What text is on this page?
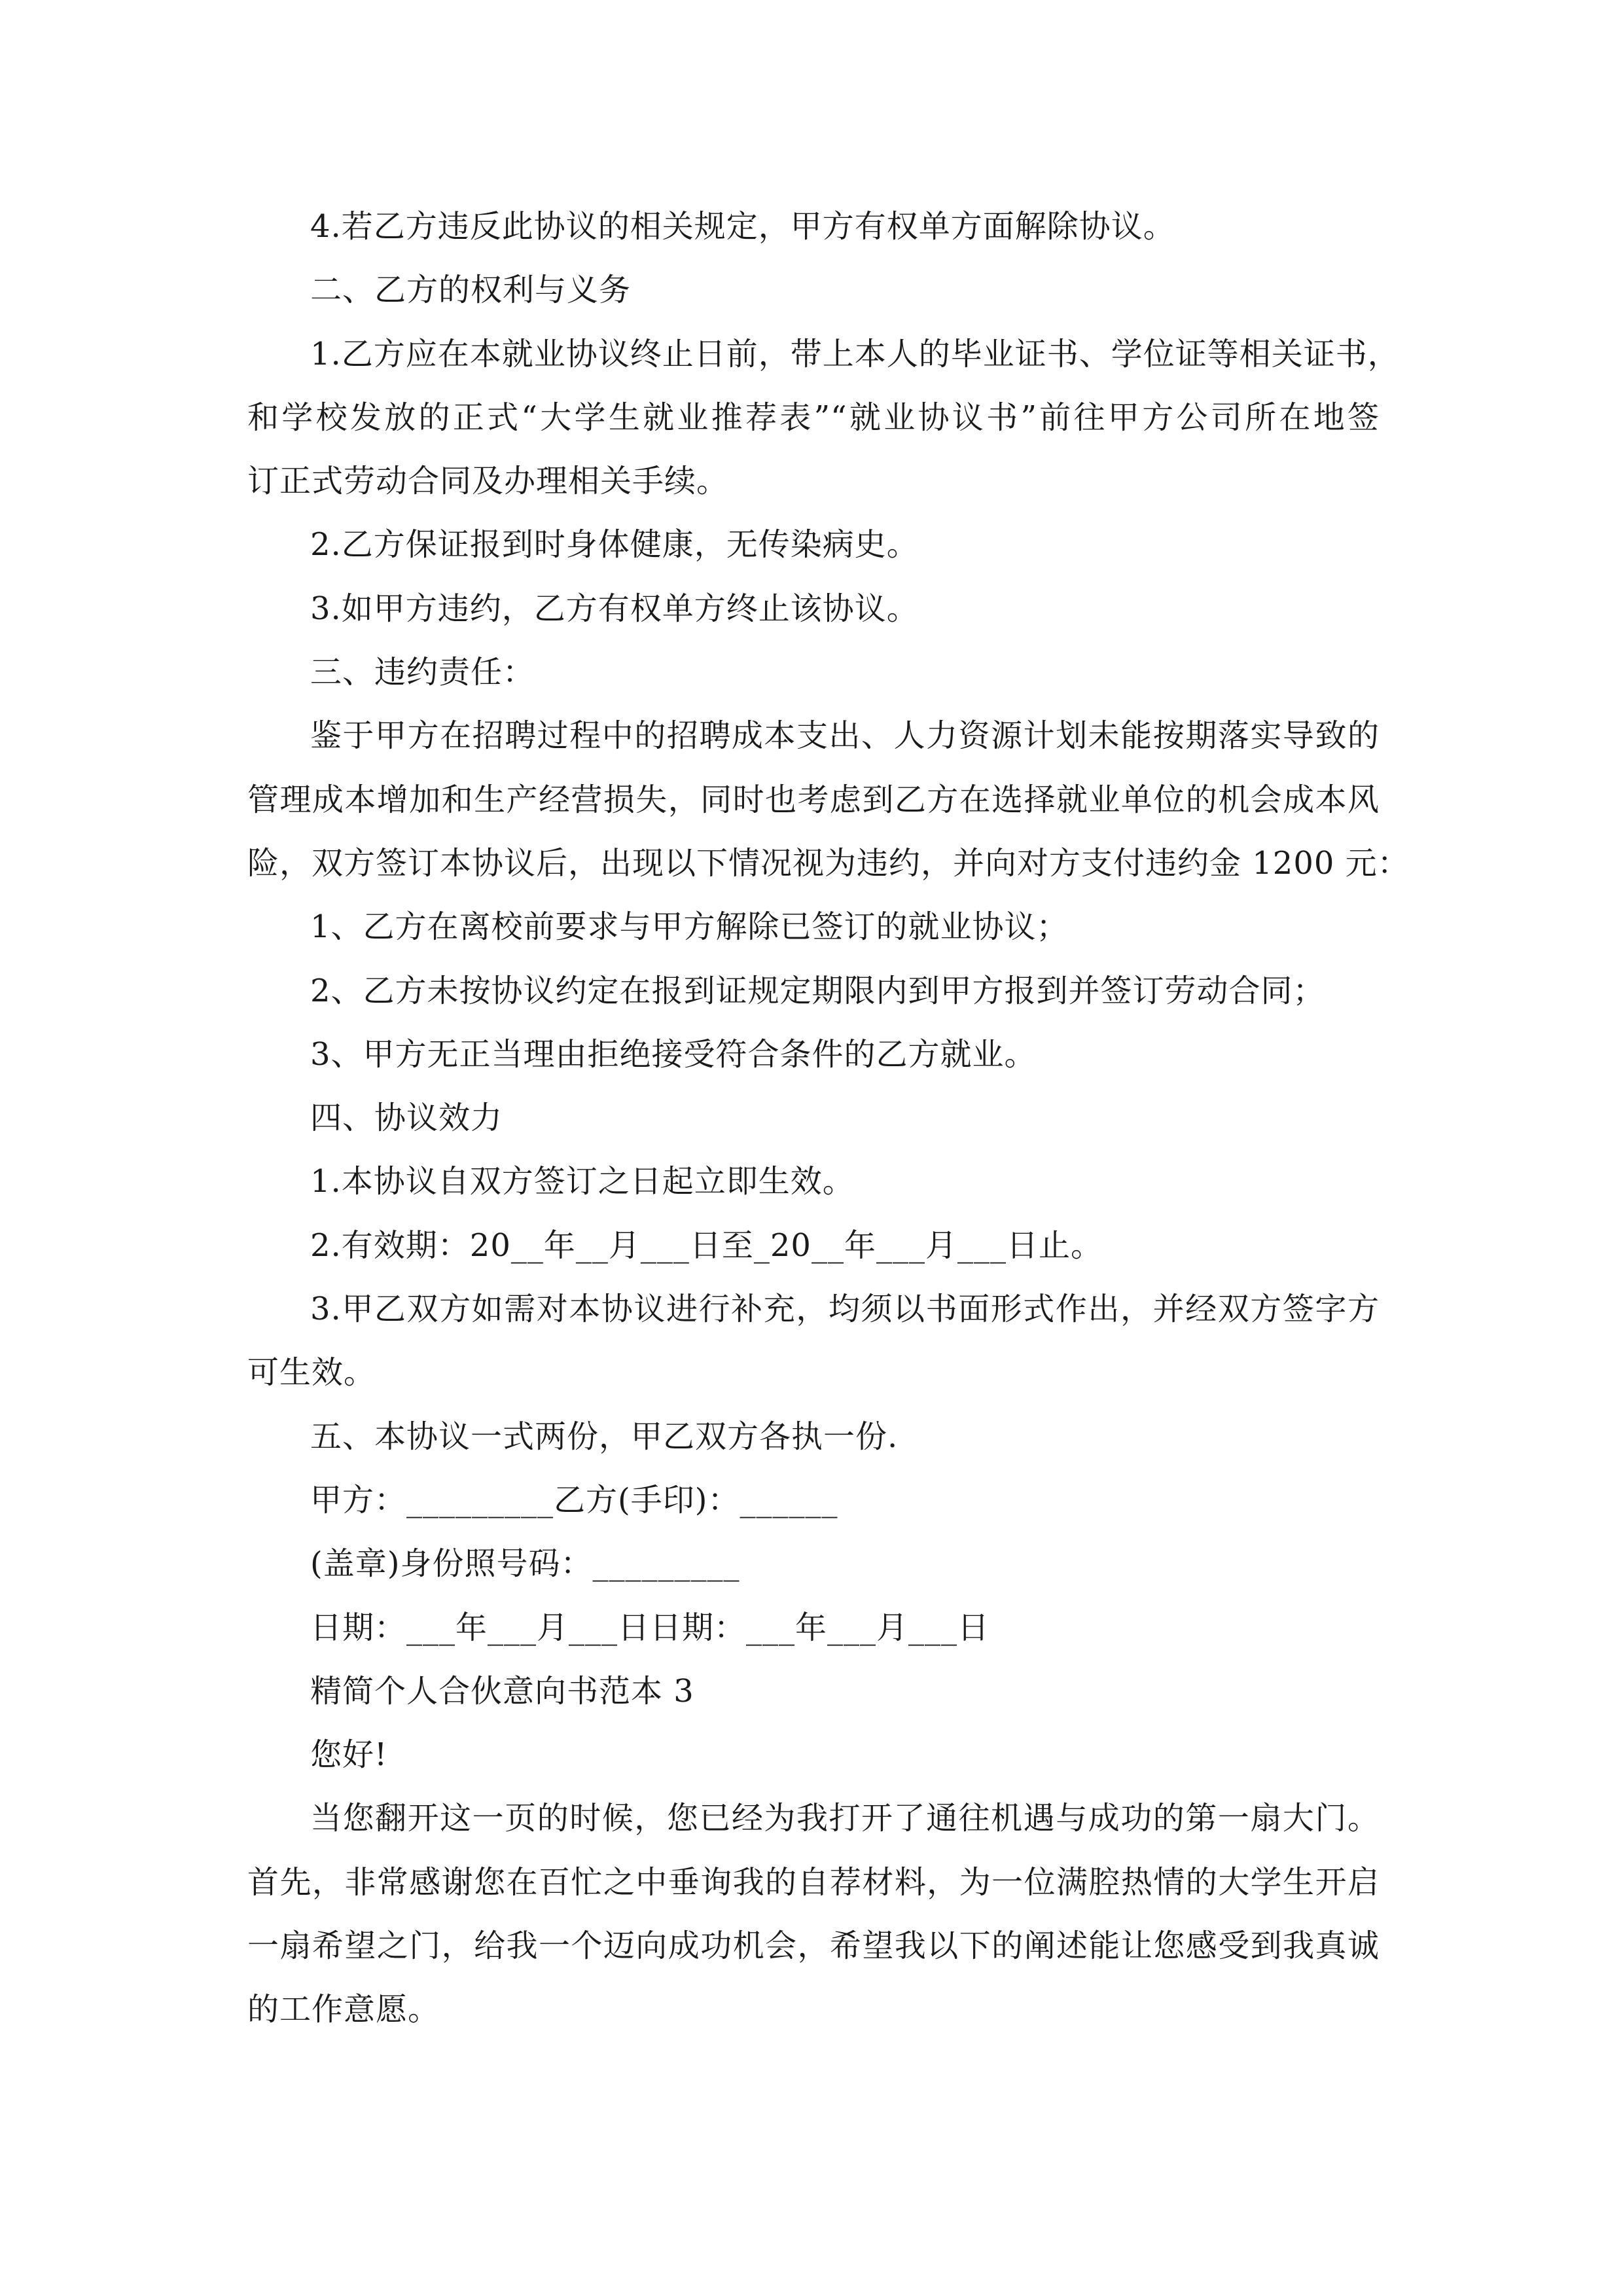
4.若乙方违反此协议的相关规定，甲方有权单方面解除协议。
二、乙方的权利与义务
1.乙方应在本就业协议终止日前，带上本人的毕业证书、学位证等相关证书，
和学校发放的正式“大学生就业推荐表”“就业协议书”前往甲方公司所在地签
订正式劳动合同及办理相关手续。
2.乙方保证报到时身体健康，无传染病史。
3.如甲方违约，乙方有权单方终止该协议。
三、违约责任：
鉴于甲方在招聘过程中的招聘成本支出、人力资源计划未能按期落实导致的
管理成本增加和生产经营损失，同时也考虑到乙方在选择就业单位的机会成本风
险，双方签订本协议后，出现以下情况视为违约，并向对方支付违约金 1200 元：
1、乙方在离校前要求与甲方解除已签订的就业协议；
2、乙方未按协议约定在报到证规定期限内到甲方报到并签订劳动合同；
3、甲方无正当理由拒绝接受符合条件的乙方就业。
四、协议效力
1.本协议自双方签订之日起立即生效。
2.有效期：20__年__月___日至_20__年___月___日止。
3.甲乙双方如需对本协议进行补充，均须以书面形式作出，并经双方签字方
可生效。
五、本协议一式两份，甲乙双方各执一份.
甲方：_________乙方(手印)：______
(盖章)身份照号码：_________
日期：___年___月___日日期：___年___月___日
精简个人合伙意向书范本 3
您好!
当您翻开这一页的时候，您已经为我打开了通往机遇与成功的第一扇大门。
首先，非常感谢您在百忙之中垂询我的自荐材料，为一位满腔热情的大学生开启
一扇希望之门，给我一个迈向成功机会，希望我以下的阐述能让您感受到我真诚
的工作意愿。
